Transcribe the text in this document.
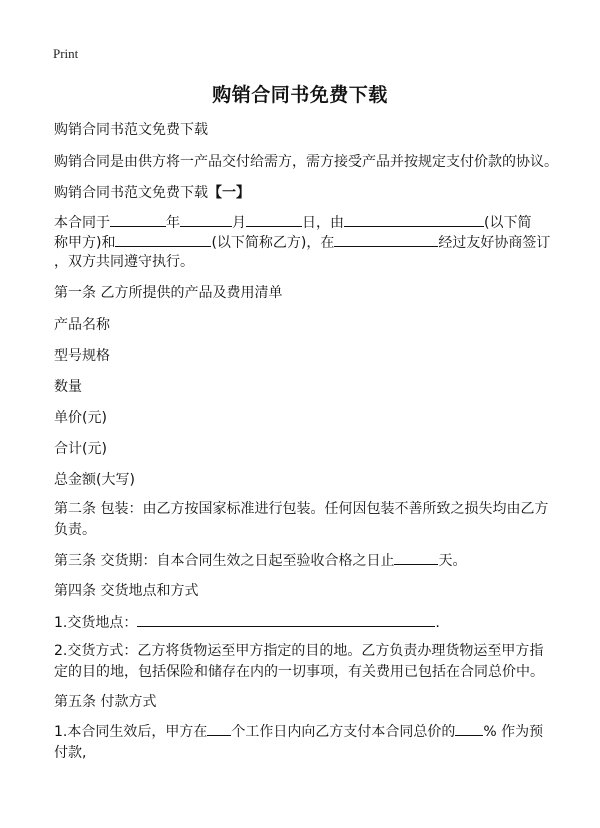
Print
购销合同书免费下载
购销合同书范文免费下载
购销合同是由供方将一产品交付给需方，需方接受产品并按规定支付价款的协议。
购销合同书范文免费下载【一】
本合同于	年	月	日，由	(以下简
称甲方)和	(以下简称乙方)，在	经过友好协商签订
，双方共同遵守执行。
第一条 乙方所提供的产品及费用清单
产品名称
型号规格
数量
单价(元)
合计(元)
总金额(大写)
第二条 包装：由乙方按国家标准进行包装。任何因包装不善所致之损失均由乙方负责。
第三条 交货期：自本合同生效之日起至验收合格之日止	天。
第四条 交货地点和方式
1.交货地点：	.
2.交货方式：乙方将货物运至甲方指定的目的地。乙方负责办理货物运至甲方指定的目的地，包括保险和储存在内的一切事项，有关费用已包括在合同总价中。
第五条 付款方式
1.本合同生效后，甲方在 个工作日内向乙方支付本合同总价的 % 作为预付款,
